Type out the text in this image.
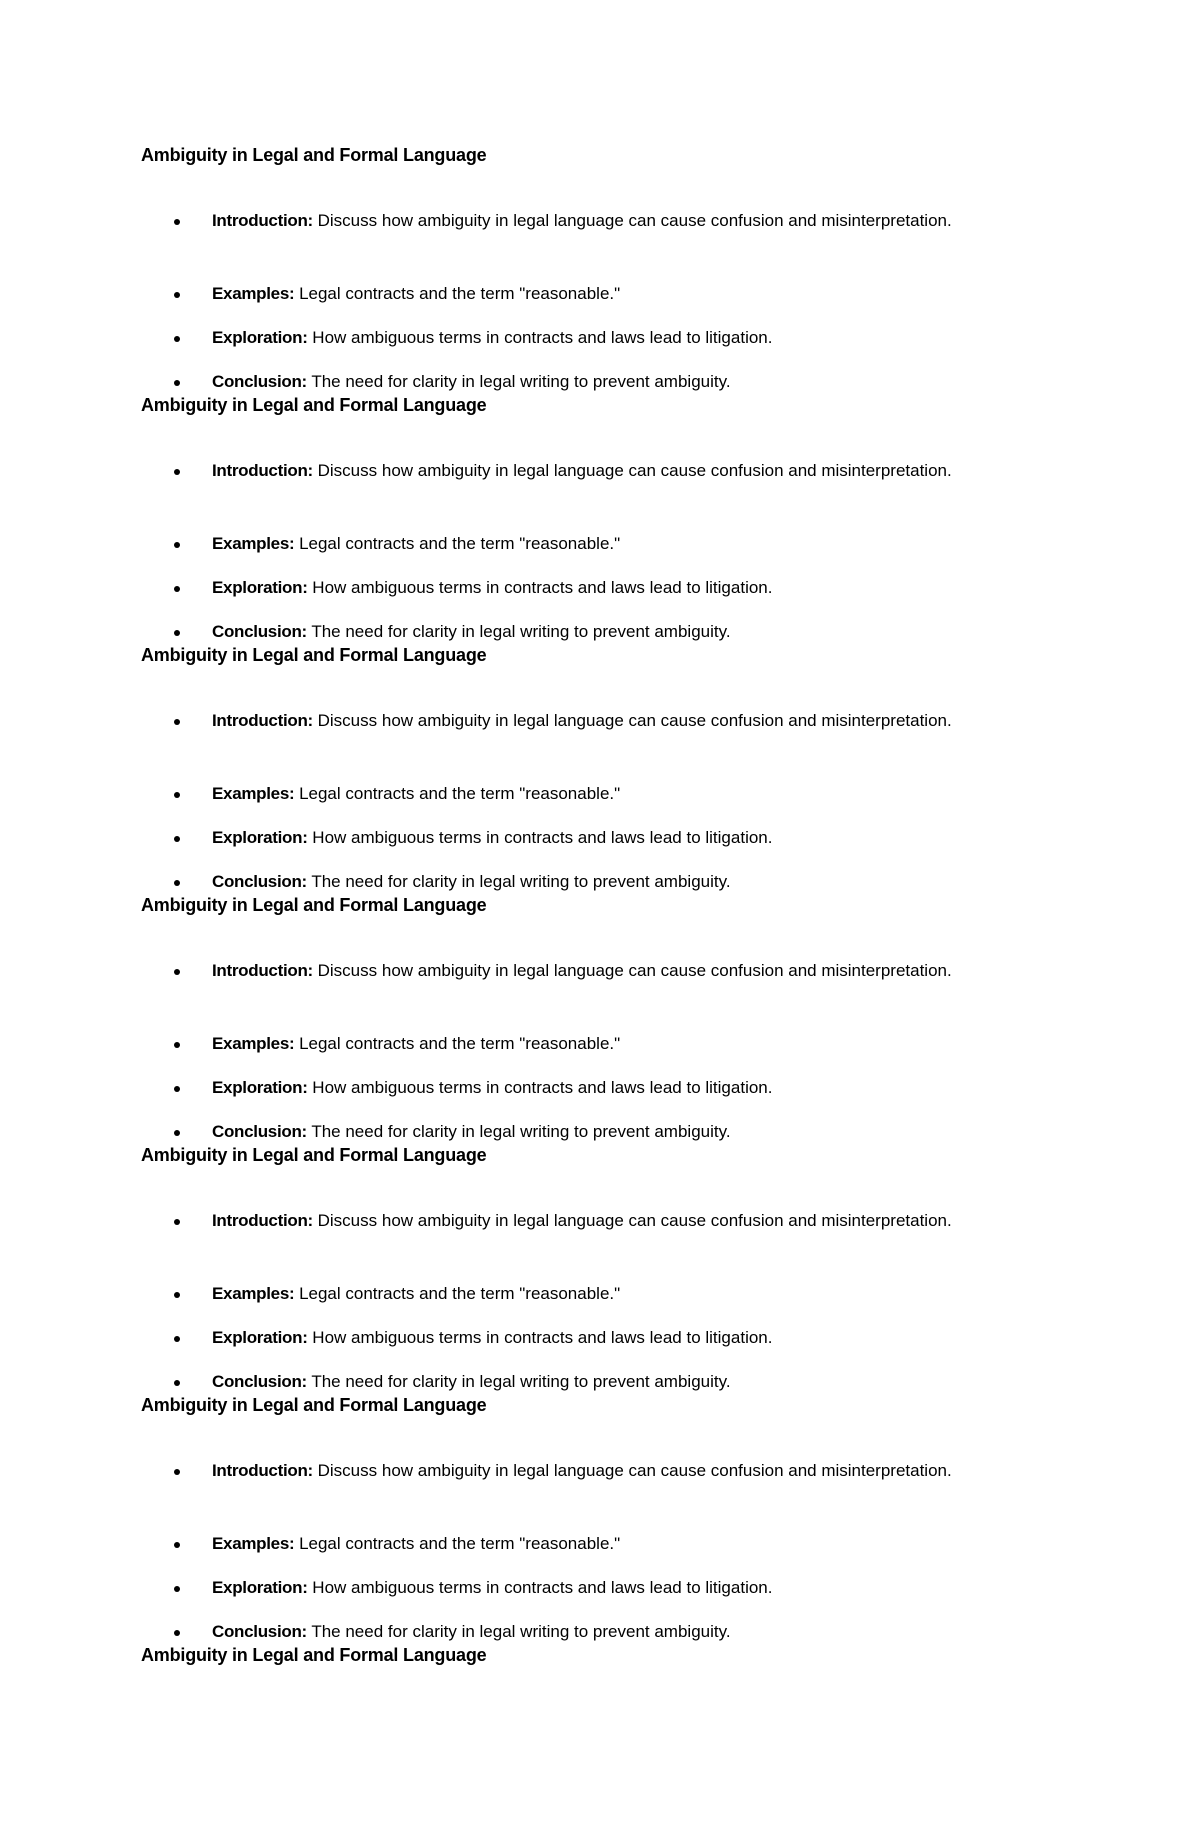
Ambiguity in Legal and Formal Language
Introduction: Discuss how ambiguity in legal language can cause confusion and misinterpretation.
Examples: Legal contracts and the term "reasonable."
Exploration: How ambiguous terms in contracts and laws lead to litigation.
Conclusion: The need for clarity in legal writing to prevent ambiguity.
Ambiguity in Legal and Formal Language
Introduction: Discuss how ambiguity in legal language can cause confusion and misinterpretation.
Examples: Legal contracts and the term "reasonable."
Exploration: How ambiguous terms in contracts and laws lead to litigation.
Conclusion: The need for clarity in legal writing to prevent ambiguity.
Ambiguity in Legal and Formal Language
Introduction: Discuss how ambiguity in legal language can cause confusion and misinterpretation.
Examples: Legal contracts and the term "reasonable."
Exploration: How ambiguous terms in contracts and laws lead to litigation.
Conclusion: The need for clarity in legal writing to prevent ambiguity.
Ambiguity in Legal and Formal Language
Introduction: Discuss how ambiguity in legal language can cause confusion and misinterpretation.
Examples: Legal contracts and the term "reasonable."
Exploration: How ambiguous terms in contracts and laws lead to litigation.
Conclusion: The need for clarity in legal writing to prevent ambiguity.
Ambiguity in Legal and Formal Language
Introduction: Discuss how ambiguity in legal language can cause confusion and misinterpretation.
Examples: Legal contracts and the term "reasonable."
Exploration: How ambiguous terms in contracts and laws lead to litigation.
Conclusion: The need for clarity in legal writing to prevent ambiguity.
Ambiguity in Legal and Formal Language
Introduction: Discuss how ambiguity in legal language can cause confusion and misinterpretation.
Examples: Legal contracts and the term "reasonable."
Exploration: How ambiguous terms in contracts and laws lead to litigation.
Conclusion: The need for clarity in legal writing to prevent ambiguity.
Ambiguity in Legal and Formal Language
